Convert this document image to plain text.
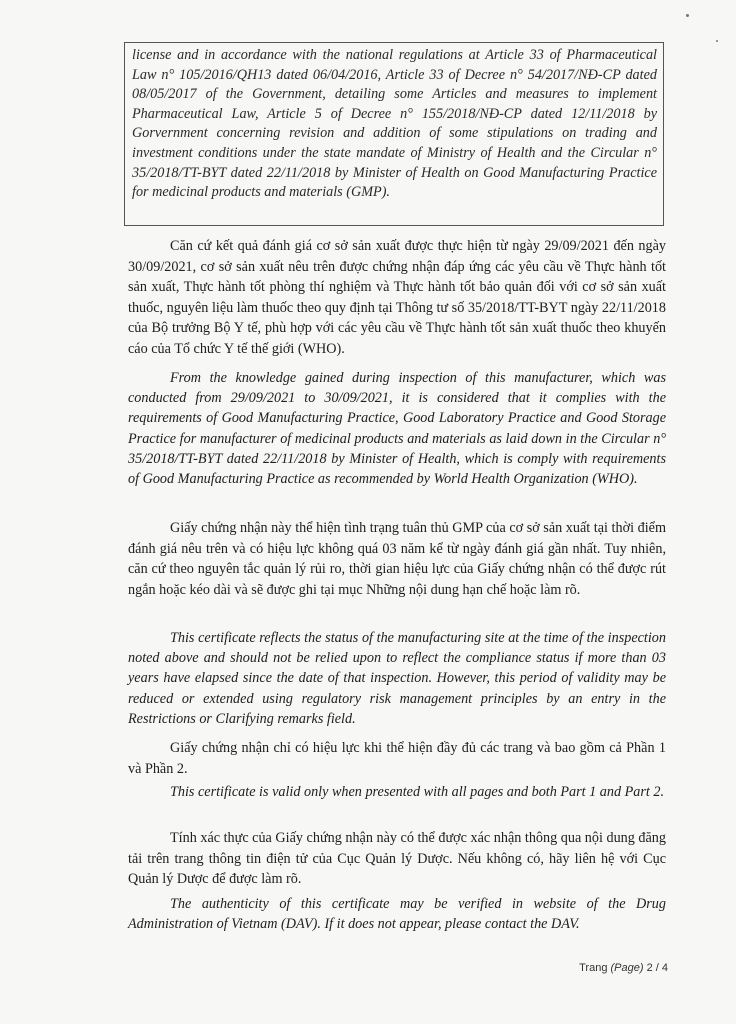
license and in accordance with the national regulations at Article 33 of Pharmaceutical Law n° 105/2016/QH13 dated 06/04/2016, Article 33 of Decree n° 54/2017/NĐ-CP dated 08/05/2017 of the Government, detailing some Articles and measures to implement Pharmaceutical Law, Article 5 of Decree n° 155/2018/NĐ-CP dated 12/11/2018 by Gorvernment concerning revision and addition of some stipulations on trading and investment conditions under the state mandate of Ministry of Health and the Circular n° 35/2018/TT-BYT dated 22/11/2018 by Minister of Health on Good Manufacturing Practice for medicinal products and materials (GMP).
Căn cứ kết quả đánh giá cơ sở sản xuất được thực hiện từ ngày 29/09/2021 đến ngày 30/09/2021, cơ sở sản xuất nêu trên được chứng nhận đáp ứng các yêu cầu về Thực hành tốt sản xuất, Thực hành tốt phòng thí nghiệm và Thực hành tốt bảo quản đối với cơ sở sản xuất thuốc, nguyên liệu làm thuốc theo quy định tại Thông tư số 35/2018/TT-BYT ngày 22/11/2018 của Bộ trưởng Bộ Y tế, phù hợp với các yêu cầu về Thực hành tốt sản xuất thuốc theo khuyến cáo của Tổ chức Y tế thế giới (WHO).
From the knowledge gained during inspection of this manufacturer, which was conducted from 29/09/2021 to 30/09/2021, it is considered that it complies with the requirements of Good Manufacturing Practice, Good Laboratory Practice and Good Storage Practice for manufacturer of medicinal products and materials as laid down in the Circular n° 35/2018/TT-BYT dated 22/11/2018 by Minister of Health, which is comply with requirements of Good Manufacturing Practice as recommended by World Health Organization (WHO).
Giấy chứng nhận này thể hiện tình trạng tuân thủ GMP của cơ sở sản xuất tại thời điểm đánh giá nêu trên và có hiệu lực không quá 03 năm kể từ ngày đánh giá gần nhất. Tuy nhiên, căn cứ theo nguyên tắc quản lý rủi ro, thời gian hiệu lực của Giấy chứng nhận có thể được rút ngắn hoặc kéo dài và sẽ được ghi tại mục Những nội dung hạn chế hoặc làm rõ.
This certificate reflects the status of the manufacturing site at the time of the inspection noted above and should not be relied upon to reflect the compliance status if more than 03 years have elapsed since the date of that inspection. However, this period of validity may be reduced or extended using regulatory risk management principles by an entry in the Restrictions or Clarifying remarks field.
Giấy chứng nhận chỉ có hiệu lực khi thể hiện đầy đủ các trang và bao gồm cả Phần 1 và Phần 2.
This certificate is valid only when presented with all pages and both Part 1 and Part 2.
Tính xác thực của Giấy chứng nhận này có thể được xác nhận thông qua nội dung đăng tải trên trang thông tin điện tử của Cục Quản lý Dược. Nếu không có, hãy liên hệ với Cục Quản lý Dược để được làm rõ.
The authenticity of this certificate may be verified in website of the Drug Administration of Vietnam (DAV). If it does not appear, please contact the DAV.
Trang (Page) 2 / 4
